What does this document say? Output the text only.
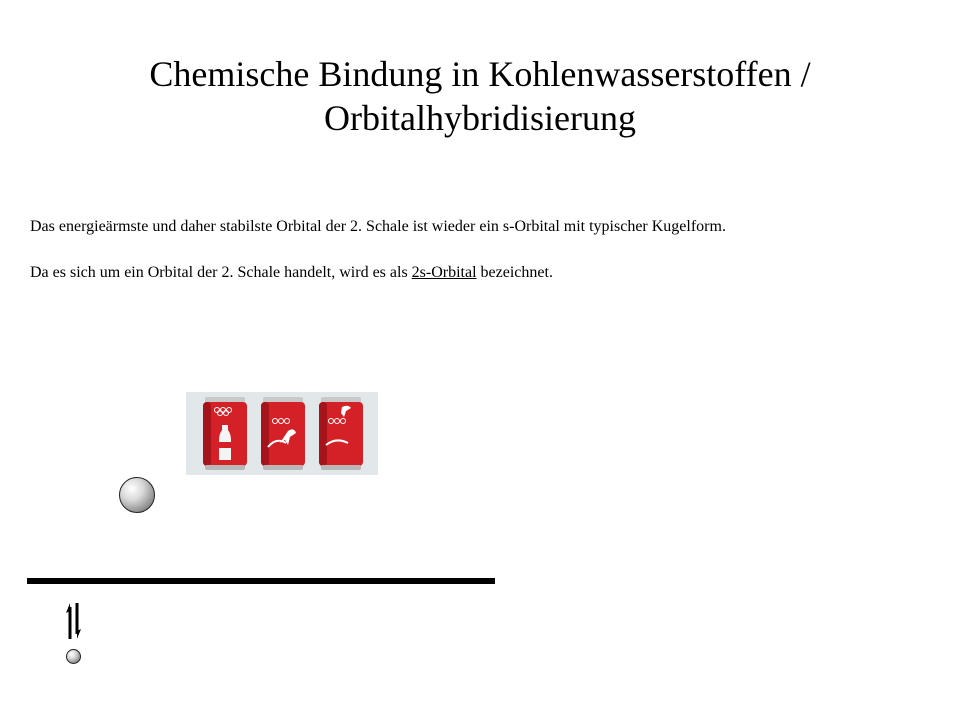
Chemische Bindung in Kohlenwasserstoffen /
Orbitalhybridisierung
Das energieärmste und daher stabilste Orbital der 2. Schale ist wieder ein s-Orbital mit typischer Kugelform.
Da es sich um ein Orbital der 2. Schale handelt, wird es als 2s-Orbital bezeichnet.
